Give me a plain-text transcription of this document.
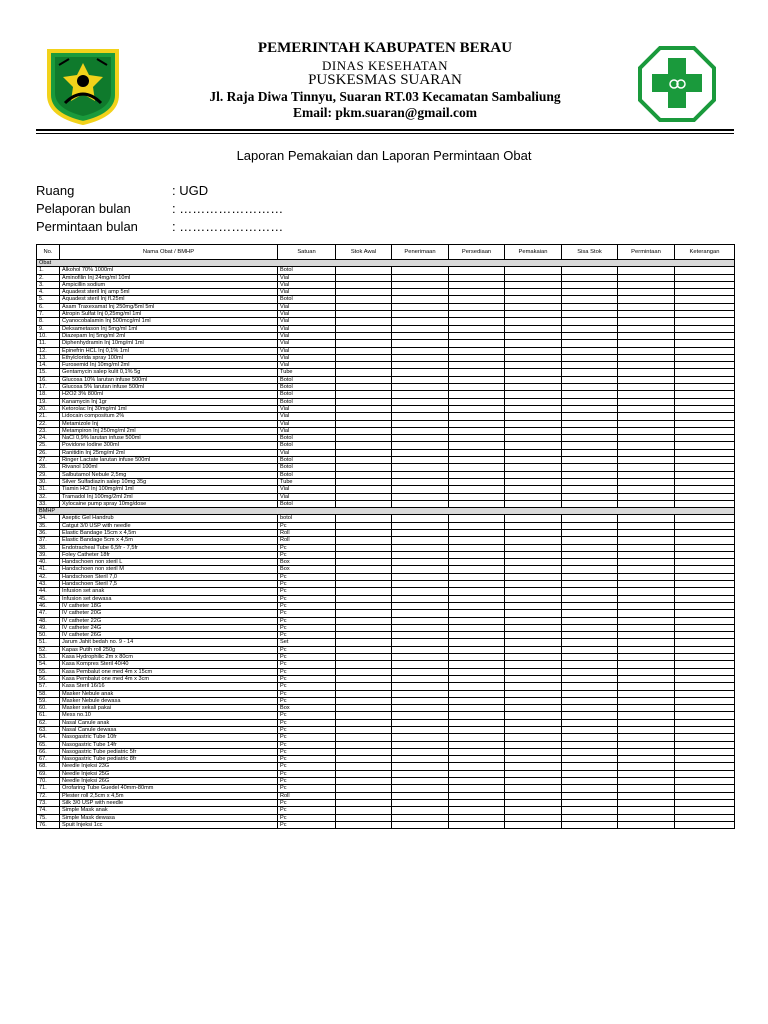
PEMERINTAH KABUPATEN BERAU
DINAS KESEHATAN
PUSKESMAS SUARAN
Jl. Raja Diwa Tinnyu, Suaran RT.03 Kecamatan Sambaliung
Email: pkm.suaran@gmail.com
Laporan Pemakaian dan Laporan Permintaan Obat
Ruang	: UGD
Pelaporan bulan	: ……………………
Permintaan bulan	: ……………………
No.	Nama Obat / BMHP	Satuan	Stok Awal	Penerimaan	Persediaan	Pemakaian	Sisa Stok	Permintaan	Keterangan
Obat									
1.	Alkohol 70% 1000ml	Botol							
2.	Aminofilin Inj 24mg/ml 10ml	Vial							
3.	Ampicillin sodium	Vial							
4.	Aquadest steril Inj amp 5ml	Vial							
5.	Aquadest steril Inj fl.25ml	Botol							
6.	Asam Traxexamat Inj 250mg/5ml 5ml	Vial							
7.	Atropin Sulfat Inj 0,25mg/ml 1ml	Vial							
8.	Cyanocobalamin Inj 500mcg/ml 1ml	Vial							
9.	Deksametason Inj 5mg/ml 1ml	Vial							
10.	Diazepam Inj 5mg/ml 2ml	Vial							
11.	Diphenhydramin Inj 10mg/ml 1ml	Vial							
12.	Epinefrin HCL Inj 0,1% 1ml	Vial							
13.	Ethylclorida spray 100ml	Vial							
14.	Furosemid Inj 10mg/ml 2ml	Vial							
15.	Gentamycin salep kulit 0,1% 5g	Tube							
16.	Glucosa 10% larutan infuse 500ml	Botol							
17.	Glucosa 5% larutan infuse 500ml	Botol							
18.	H2O2 3% 800ml	Botol							
19.	Kanamycin Inj 1gr	Botol							
20.	Ketorolac Inj 30mg/ml 1ml	Vial							
21.	Lidocain compositum 2%	Vial							
22.	Metamizole Inj	Vial							
23.	Metampiron Inj 250mg/ml 2ml	Vial							
24.	NaCl 0,9% larutan infuse 500ml	Botol							
25.	Povidone Iodine 300ml	Botol							
26.	Ranitidin Inj 25mg/ml 2ml	Vial							
27.	Ringer Lactate larutan infuse 500ml	Botol							
28.	Rivanol 100ml	Botol							
29.	Salbutamol Nebule 2,5mg	Botol							
30.	Silver Sulfadiazin salep 10mg 35g	Tube							
31.	Tiamin HCl Inj 100mg/ml 1ml	Vial							
32.	Tramadol Inj 100mg/2ml 2ml	Vial							
33.	Xylocaine pump spray 10mg/dose	Botol							
BMHP									
34.	Aseptic Gel Handrub	botol							
35.	Catgut 3/0 USP with needle	Pc							
36.	Elastic Bandage 15cm x 4,5m	Roll							
37.	Elastic Bandage 5cm x 4,5m	Roll							
38.	Endotracheal Tube 6,5fr - 7,5fr	Pc							
39.	Foley Catheter 18fr	Pc							
40.	Handschoen non steril L	Box							
41.	Handschoen non steril M	Box							
42.	Handschoen Steril 7,0	Pc							
43.	Handschoen Steril 7,5	Pc							
44.	Infusion set anak	Pc							
45.	Infusion set dewasa	Pc							
46.	IV catheter 18G	Pc							
47.	IV catheter 20G	Pc							
48.	IV catheter 22G	Pc							
49.	IV catheter 24G	Pc							
50.	IV catheter 26G	Pc							
51.	Jarum Jahit bedah no. 9 - 14	Set							
52.	Kapas Putih roll 250g	Pc							
53.	Kasa Hydrophilic 2m x 80cm	Pc							
54.	Kasa Kompres Steril 40/40	Pc							
55.	Kasa Pembalut one med 4m x 15cm	Pc							
56.	Kasa Pembalut one med 4m x 3cm	Pc							
57.	Kasa Steril 16/16	Pc							
58.	Masker Nebule anak	Pc							
59.	Masker Nebule dewasa	Pc							
60.	Masker sekali pakai	Box							
61.	Mess no.10	Pc							
62.	Nasal Canule anak	Pc							
63.	Nasal Canule dewasa	Pc							
64.	Nasogastric Tube 10fr	Pc							
65.	Nasogastric Tube 14fr	Pc							
66.	Nasogastric Tube pediatric 5fr	Pc							
67.	Nasogastric Tube pediatric 8fr	Pc							
68.	Needle Injeksi 23G	Pc							
69.	Needle Injeksi 25G	Pc							
70.	Needle Injeksi 26G	Pc							
71.	Orofaring Tube Guedel 40mm-80mm	Pc							
72.	Plester roll 2,5cm x 4,5m	Roll							
73.	Silk 3/0 USP with needle	Pc							
74.	Simple Mask anak	Pc							
75.	Simple Mask dewasa	Pc							
76.	Spuit Injeksi 1cc	Pc							
